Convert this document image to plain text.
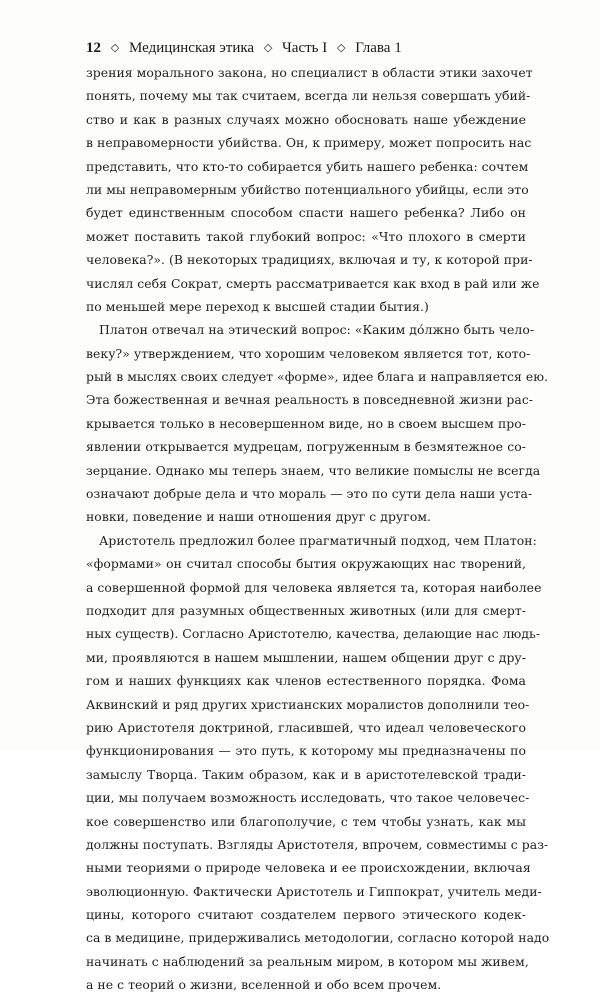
12 ◇ Медицинская этика ◇ Часть I ◇ Глава 1
зрения морального закона, но специалист в области этики захочет
понять, почему мы так считаем, всегда ли нельзя совершать убий-
ство и как в разных случаях можно обосновать наше убеждение
в неправомерности убийства. Он, к примеру, может попросить нас
представить, что кто-то собирается убить нашего ребенка: сочтем
ли мы неправомерным убийство потенциального убийцы, если это
будет единственным способом спасти нашего ребенка? Либо он
может поставить такой глубокий вопрос: «Что плохого в смерти
человека?». (В некоторых традициях, включая и ту, к которой при-
числял себя Сократ, смерть рассматривается как вход в рай или же
по меньшей мере переход к высшей стадии бытия.)
Платон отвечал на этический вопрос: «Каким до́лжно быть чело-
веку?» утверждением, что хорошим человеком является тот, кото-
рый в мыслях своих следует «форме», идее блага и направляется ею.
Эта божественная и вечная реальность в повседневной жизни рас-
крывается только в несовершенном виде, но в своем высшем про-
явлении открывается мудрецам, погруженным в безмятежное со-
зерцание. Однако мы теперь знаем, что великие помыслы не всегда
означают добрые дела и что мораль — это по сути дела наши уста-
новки, поведение и наши отношения друг с другом.
Аристотель предложил более прагматичный подход, чем Платон:
«формами» он считал способы бытия окружающих нас творений,
а совершенной формой для человека является та, которая наиболее
подходит для разумных общественных животных (или для смерт-
ных существ). Согласно Аристотелю, качества, делающие нас людь-
ми, проявляются в нашем мышлении, нашем общении друг с дру-
гом и наших функциях как членов естественного порядка. Фома
Аквинский и ряд других христианских моралистов дополнили тео-
рию Аристотеля доктриной, гласившей, что идеал человеческого
функционирования — это путь, к которому мы предназначены по
замыслу Творца. Таким образом, как и в аристотелевской тради-
ции, мы получаем возможность исследовать, что такое человечес-
кое совершенство или благополучие, с тем чтобы узнать, как мы
должны поступать. Взгляды Аристотеля, впрочем, совместимы с раз-
ными теориями о природе человека и ее происхождении, включая
эволюционную. Фактически Аристотель и Гиппократ, учитель меди-
цины, которого считают создателем первого этического кодек-
са в медицине, придерживались методологии, согласно которой надо
начинать с наблюдений за реальным миром, в котором мы живем,
а не с теорий о жизни, вселенной и обо всем прочем.
